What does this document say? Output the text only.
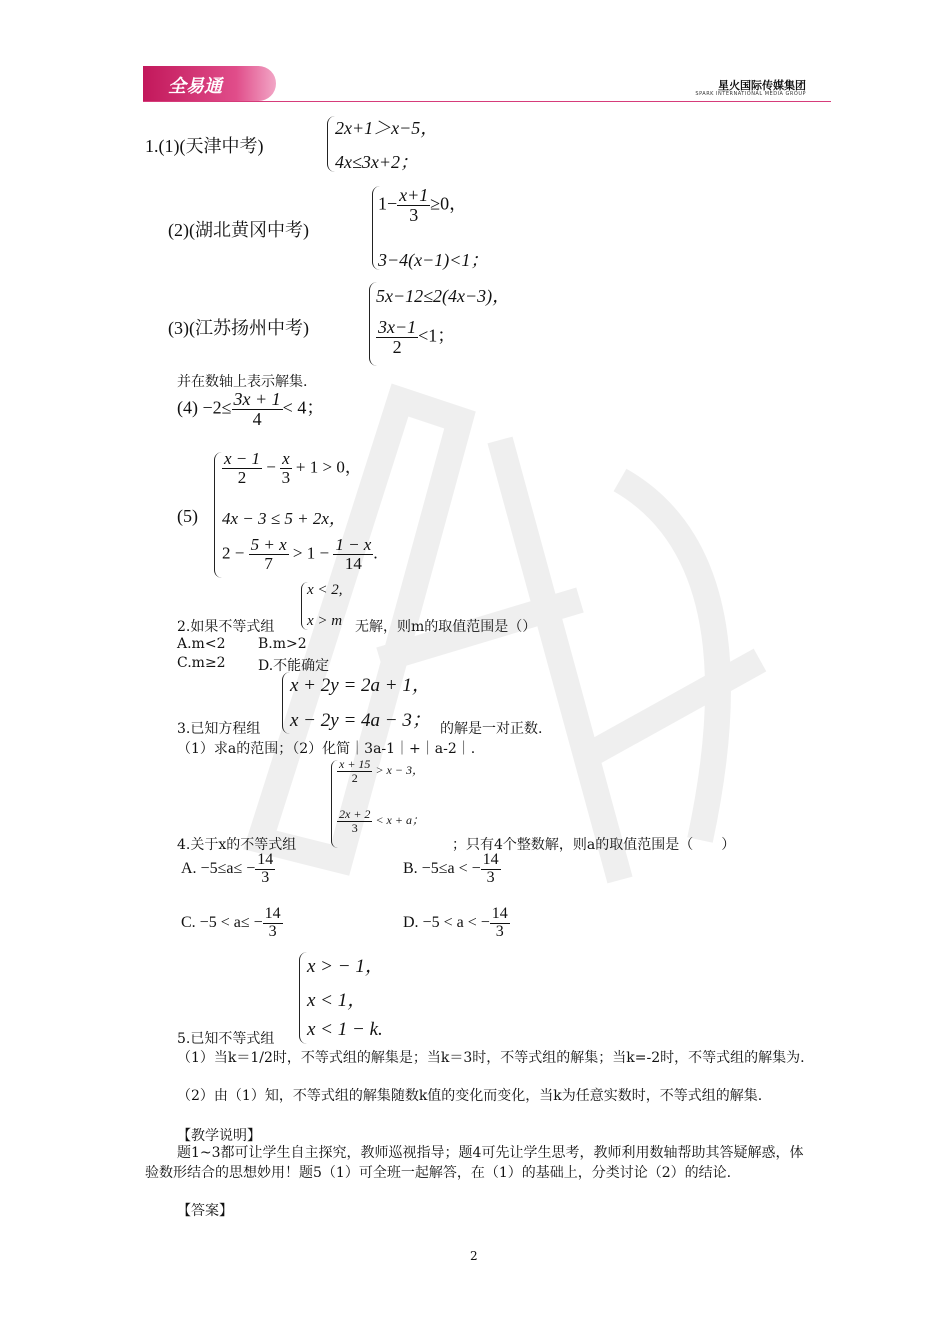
全易通	星火国际传媒集团
SPARK INTERNATIONAL MEDIA GROUP
1.(1)(天津中考)
2x+1＞x−5，
4x≤3x+2；
(2)(湖北黄冈中考)
$1- \frac{x+1}{3} \ge 0$，
3−4(x−1)<1；
(3)(江苏扬州中考)
5x−12≤2(4x−3)，
$\frac{3x-1}{2} <1$；
并在数轴上表示解集.
$(4) -2\le \frac{3x + 1}{4} < 4$；
(5)
$\frac{x - 1}{2} - \frac{x}{3} + 1 > 0$，
4x − 3 ≤ 5 + 2x，
$2 - \frac{5 + x}{7} > 1 - \frac{1 - x}{14}$ .
x < 2,
x > m
2.如果不等式组	无解，则m的取值范围是（）
A.m<2 B.m>2
C.m≥2 D.不能确定
x + 2y = 2a + 1，
x − 2y = 4a − 3；
3.已知方程组	的解是一对正数.
（1）求a的范围；（2）化简｜3a-1｜+｜a-2｜.
$\frac{x + 15}{2} > x - 3$，
$\frac{2x + 2}{3} < x + a$；
4.关于x的不等式组	；只有4个整数解，则a的取值范围是（　　）
A. $-5\le a\le - \frac{14}{3}$	B. −5≤a < − $\frac{14}{3}$
C. $-5 < a\le - \frac{14}{3}$	D. −5 < a < − $\frac{14}{3}$
x > − 1，
x < 1，
x < 1 − k.
5.已知不等式组
（1）当k＝1/2时，不等式组的解集是；当k＝3时，不等式组的解集；当k=-2时，不等式组的解集为.
（2）由（1）知，不等式组的解集随数k值的变化而变化，当k为任意实数时，不等式组的解集.
【教学说明】
题1~3都可让学生自主探究，教师巡视指导；题4可先让学生思考，教师利用数轴帮助其答疑解惑，体验数形结合的思想妙用！题5（1）可全班一起解答，在（1）的基础上，分类讨论（2）的结论.
【答案】
2
